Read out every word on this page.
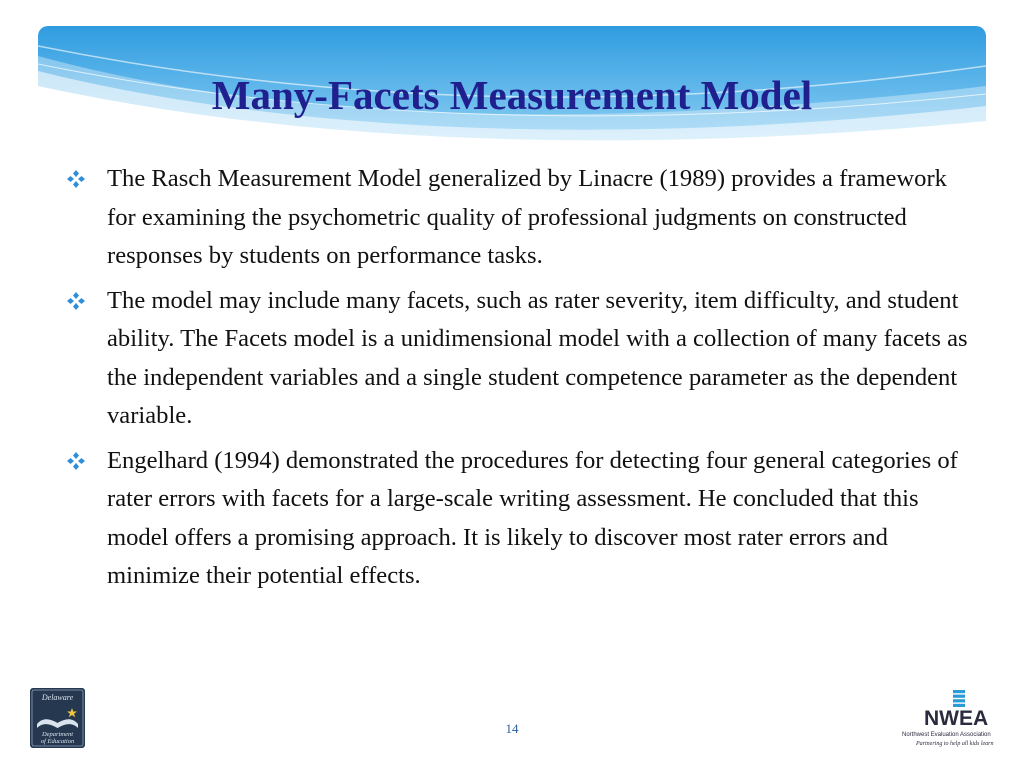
Many-Facets Measurement Model
The Rasch Measurement Model generalized by Linacre (1989) provides a framework for examining the psychometric quality of professional judgments on constructed responses by students on performance tasks.
The model may include many facets, such as rater severity, item difficulty, and student ability. The Facets model is a unidimensional model with a collection of many facets as the independent variables and a single student competence parameter as the dependent variable.
Engelhard (1994) demonstrated the procedures for detecting four general categories of rater errors with facets for a large-scale writing assessment. He concluded that this model offers a promising approach. It is likely to discover most rater errors and minimize their potential effects.
Delaware
Department
of Education
14	NWEA
Northwest Evaluation Association
Partnering to help all kids learn
